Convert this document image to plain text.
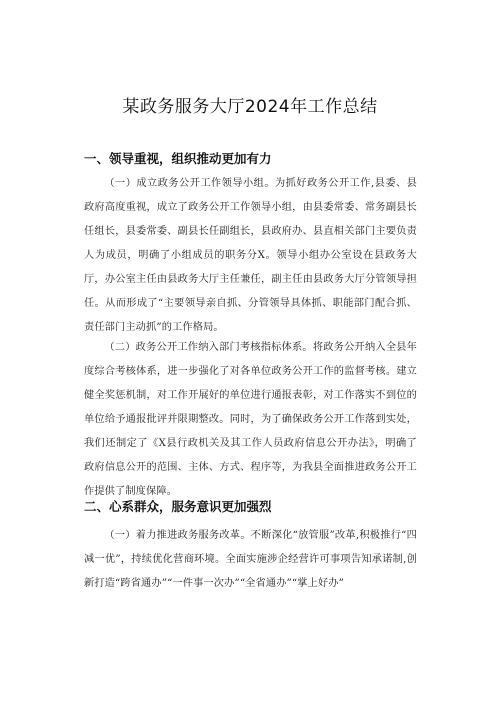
某政务服务大厅2024年工作总结
一、领导重视，组织推动更加有力
（一）成立政务公开工作领导小组。为抓好政务公开工作,县委、县政府高度重视，成立了政务公开工作领导小组，由县委常委、常务副县长任组长，县委常委、副县长任副组长，县政府办、县直相关部门主要负责人为成员，明确了小组成员的职务分X。领导小组办公室设在县政务大厅，办公室主任由县政务大厅主任兼任，副主任由县政务大厅分管领导担任。从而形成了“主要领导亲自抓、分管领导具体抓、职能部门配合抓、责任部门主动抓”的工作格局。
（二）政务公开工作纳入部门考核指标体系。将政务公开纳入全县年度综合考核体系，进一步强化了对各单位政务公开工作的监督考核。建立健全奖惩机制，对工作开展好的单位进行通报表彰，对工作落实不到位的单位给予通报批评并限期整改。同时，为了确保政务公开工作落到实处，我们还制定了《X县行政机关及其工作人员政府信息公开办法》，明确了政府信息公开的范围、主体、方式、程序等，为我县全面推进政务公开工作提供了制度保障。
二、心系群众，服务意识更加强烈
（一）着力推进政务服务改革。不断深化“放管服”改革,积极推行“四减一优”，持续优化营商环境。全面实施涉企经营许可事项告知承诺制,创新打造“跨省通办”“一件事一次办”“全省通办”“掌上好办”
